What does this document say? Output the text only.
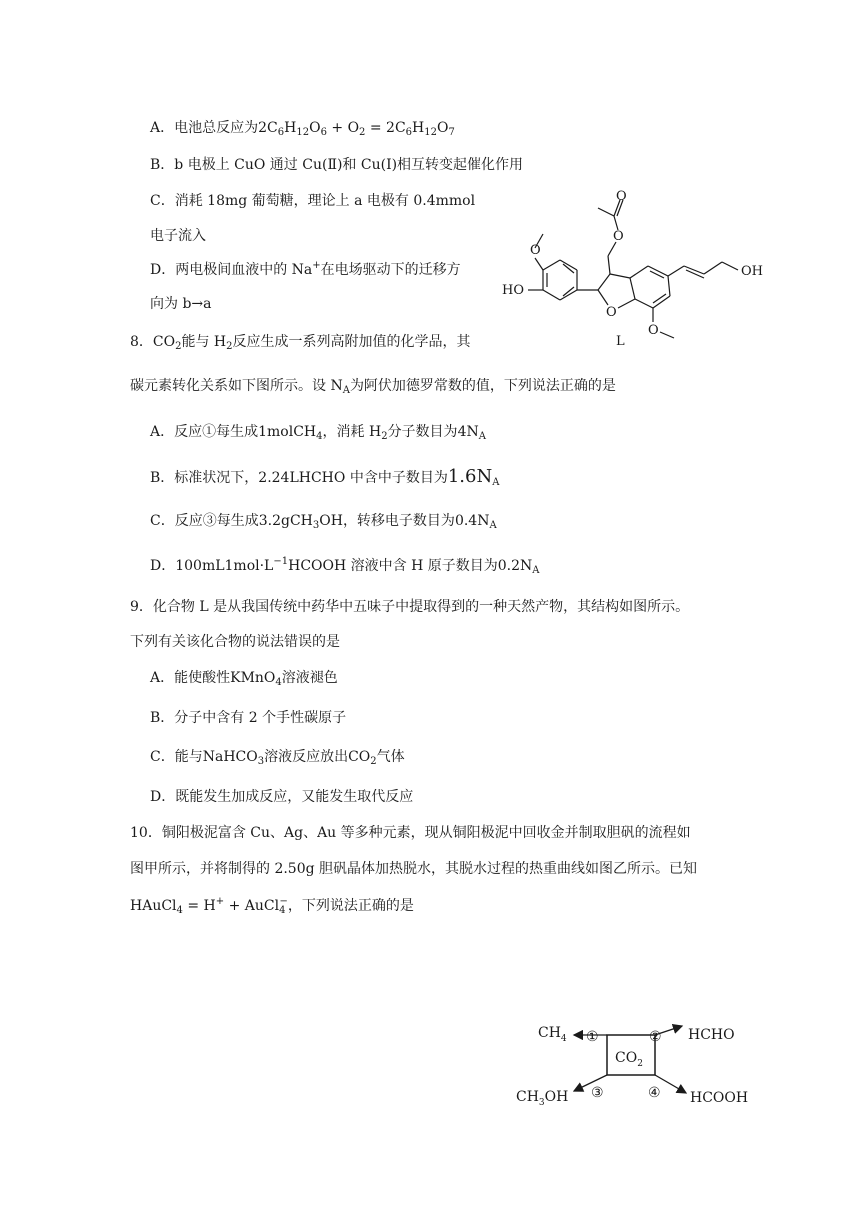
A．电池总反应为$2C_6H_{12}O_6 + O_2 = 2C_6H_{12}O_7$
B．b 电极上 CuO 通过 Cu(Ⅱ)和 Cu(Ⅰ)相互转变起催化作用
C．消耗 18mg 葡萄糖，理论上 a 电极有 0.4mmol
电子流入
D．两电极间血液中的 Na+在电场驱动下的迁移方
向为 b→a
8．$CO_2$能与 $H_2$反应生成一系列高附加值的化学品，其
碳元素转化关系如下图所示。设 $N_A$为阿伏加德罗常数的值，下列说法正确的是
A．反应①每生成1molCH$_4$，消耗 $H_2$分子数目为$4N_A$
B．标准状况下，2.24LHCHO 中含中子数目为$1.6N_A$
C．反应③每生成3.2gCH$_3$OH，转移电子数目为$0.4N_A$
D．$100mL1mol\cdot L^{-1}HCOOH$ 溶液中含 H 原子数目为$0.2N_A$
9．化合物 L 是从我国传统中药华中五味子中提取得到的一种天然产物，其结构如图所示。
下列有关该化合物的说法错误的是
A．能使酸性KMnO$_4$溶液褪色
B．分子中含有 2 个手性碳原子
C．能与NaHCO$_3$溶液反应放出$CO_2$气体
D．既能发生加成反应，又能发生取代反应
10．铜阳极泥富含 Cu、Ag、Au 等多种元素，现从铜阳极泥中回收金并制取胆矾的流程如
图甲所示，并将制得的 2.50g 胆矾晶体加热脱水，其脱水过程的热重曲线如图乙所示。已知
HAuCl$_4$ = H+ + AuCl$_4$−，下列说法正确的是
O
O
O
HO
O
O
OH
L
$CO_2$
$CH_4$	HCHO
$CH_3OH$	HCOOH
①	②
③	④
